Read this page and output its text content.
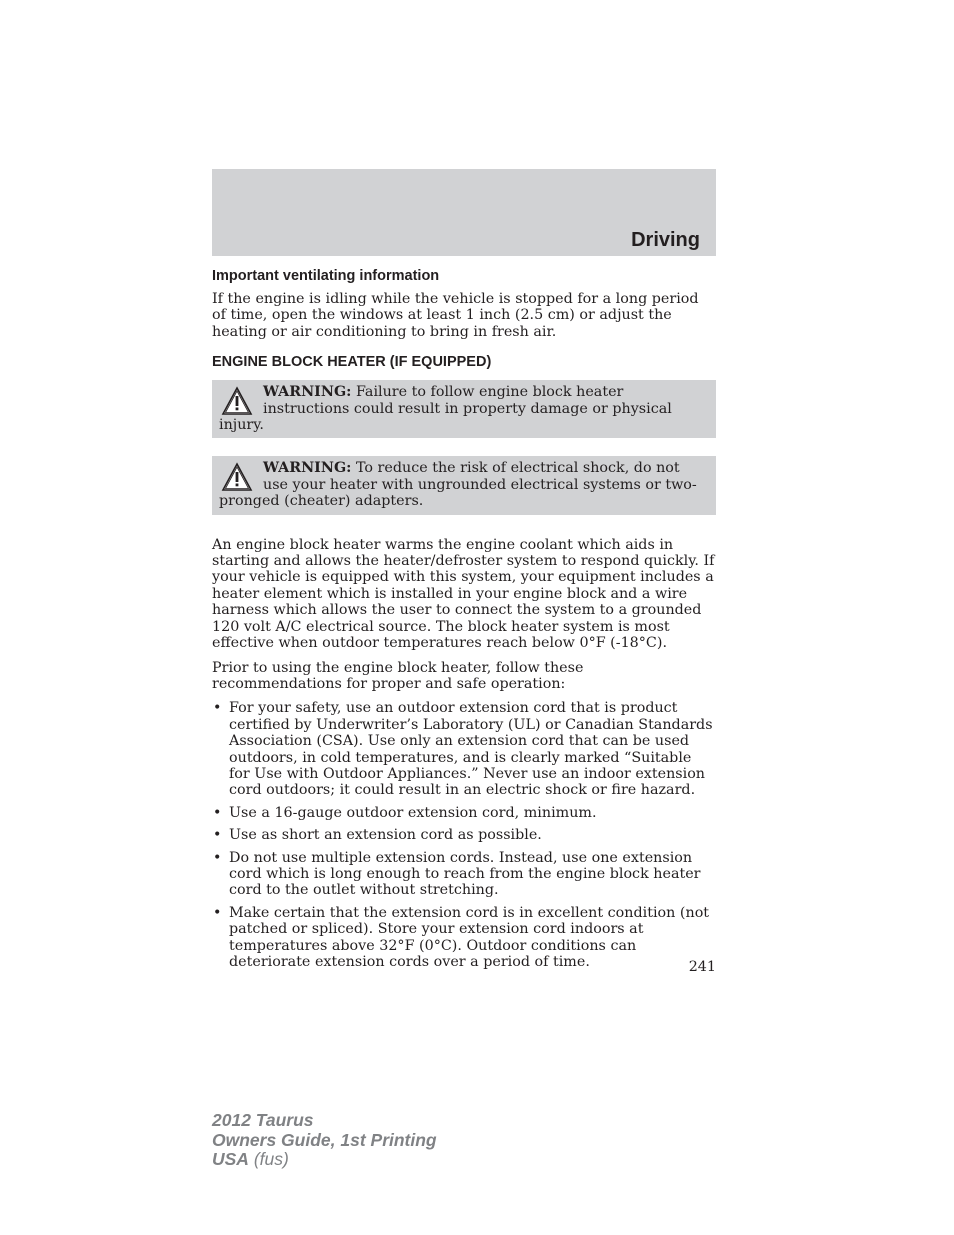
Driving
Important ventilating information

If the engine is idling while the vehicle is stopped for a long period of time, open the windows at least 1 inch (2.5 cm) or adjust the heating or air conditioning to bring in fresh air.

ENGINE BLOCK HEATER (IF EQUIPPED)
WARNING: Failure to follow engine block heater instructions could result in property damage or physical injury.
WARNING: To reduce the risk of electrical shock, do not use your heater with ungrounded electrical systems or two-pronged (cheater) adapters.

An engine block heater warms the engine coolant which aids in starting and allows the heater/defroster system to respond quickly. If your vehicle is equipped with this system, your equipment includes a heater element which is installed in your engine block and a wire harness which allows the user to connect the system to a grounded 120 volt A/C electrical source. The block heater system is most effective when outdoor temperatures reach below 0°F (-18°C).

Prior to using the engine block heater, follow these recommendations for proper and safe operation:

• For your safety, use an outdoor extension cord that is product certified by Underwriter’s Laboratory (UL) or Canadian Standards Association (CSA). Use only an extension cord that can be used outdoors, in cold temperatures, and is clearly marked “Suitable for Use with Outdoor Appliances.” Never use an indoor extension cord outdoors; it could result in an electric shock or fire hazard.
• Use a 16-gauge outdoor extension cord, minimum.
• Use as short an extension cord as possible.
• Do not use multiple extension cords. Instead, use one extension cord which is long enough to reach from the engine block heater cord to the outlet without stretching.
• Make certain that the extension cord is in excellent condition (not patched or spliced). Store your extension cord indoors at temperatures above 32°F (0°C). Outdoor conditions can deteriorate extension cords over a period of time.	241
2012 Taurus
Owners Guide, 1st Printing
USA (fus)
